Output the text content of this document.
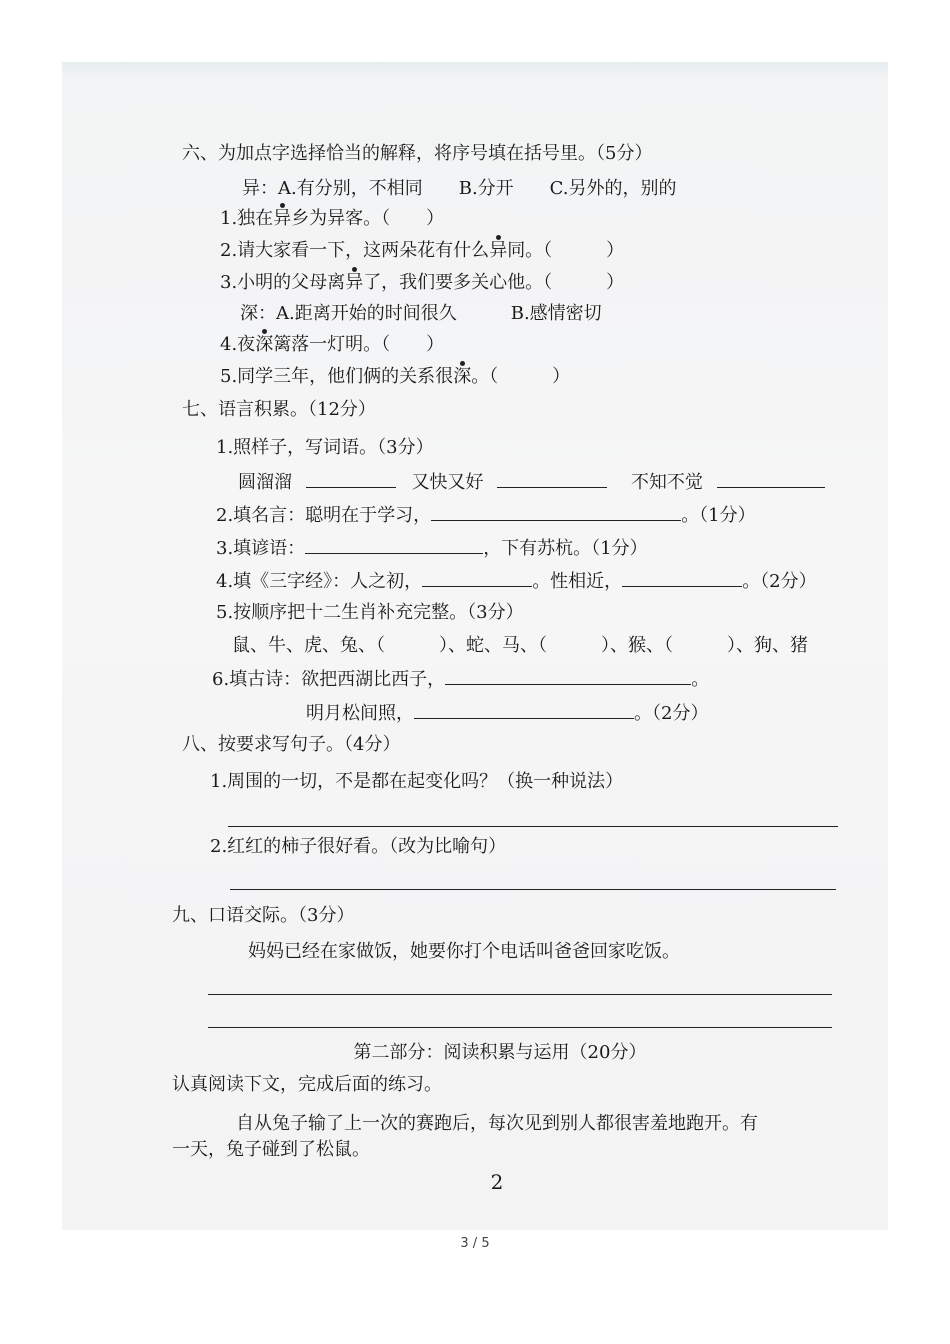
六、为加点字选择恰当的解释，将序号填在括号里。（5分）
异：A.有分别，不相同　　B.分开　　C.另外的，别的
1.独在异乡为异客。（　　）
2.请大家看一下，这两朵花有什么异同。（　　　）
3.小明的父母离异了，我们要多关心他。（　　　）
深：A.距离开始的时间很久　　　B.感情密切
4.夜深篱落一灯明。（　　）
5.同学三年，他们俩的关系很深。（　　　）
七、语言积累。（12分）
1.照样子，写词语。（3分）
圆溜溜	又快又好	不知不觉
2.填名言：聪明在于学习，	。（1分）
3.填谚语：	，下有苏杭。（1分）
4.填《三字经》：人之初，	。性相近，	。（2分）
5.按顺序把十二生肖补充完整。（3分）
鼠、牛、虎、兔、（　　　）、蛇、马、（　　　）、猴、（　　　）、狗、猪
6.填古诗：欲把西湖比西子，	。
明月松间照，	。（2分）
八、按要求写句子。（4分）
1.周围的一切，不是都在起变化吗？（换一种说法）
2.红红的柿子很好看。（改为比喻句）
九、口语交际。（3分）
妈妈已经在家做饭，她要你打个电话叫爸爸回家吃饭。
第二部分：阅读积累与运用（20分）
认真阅读下文，完成后面的练习。
自从兔子输了上一次的赛跑后，每次见到别人都很害羞地跑开。有
一天，兔子碰到了松鼠。
2
3 / 5
